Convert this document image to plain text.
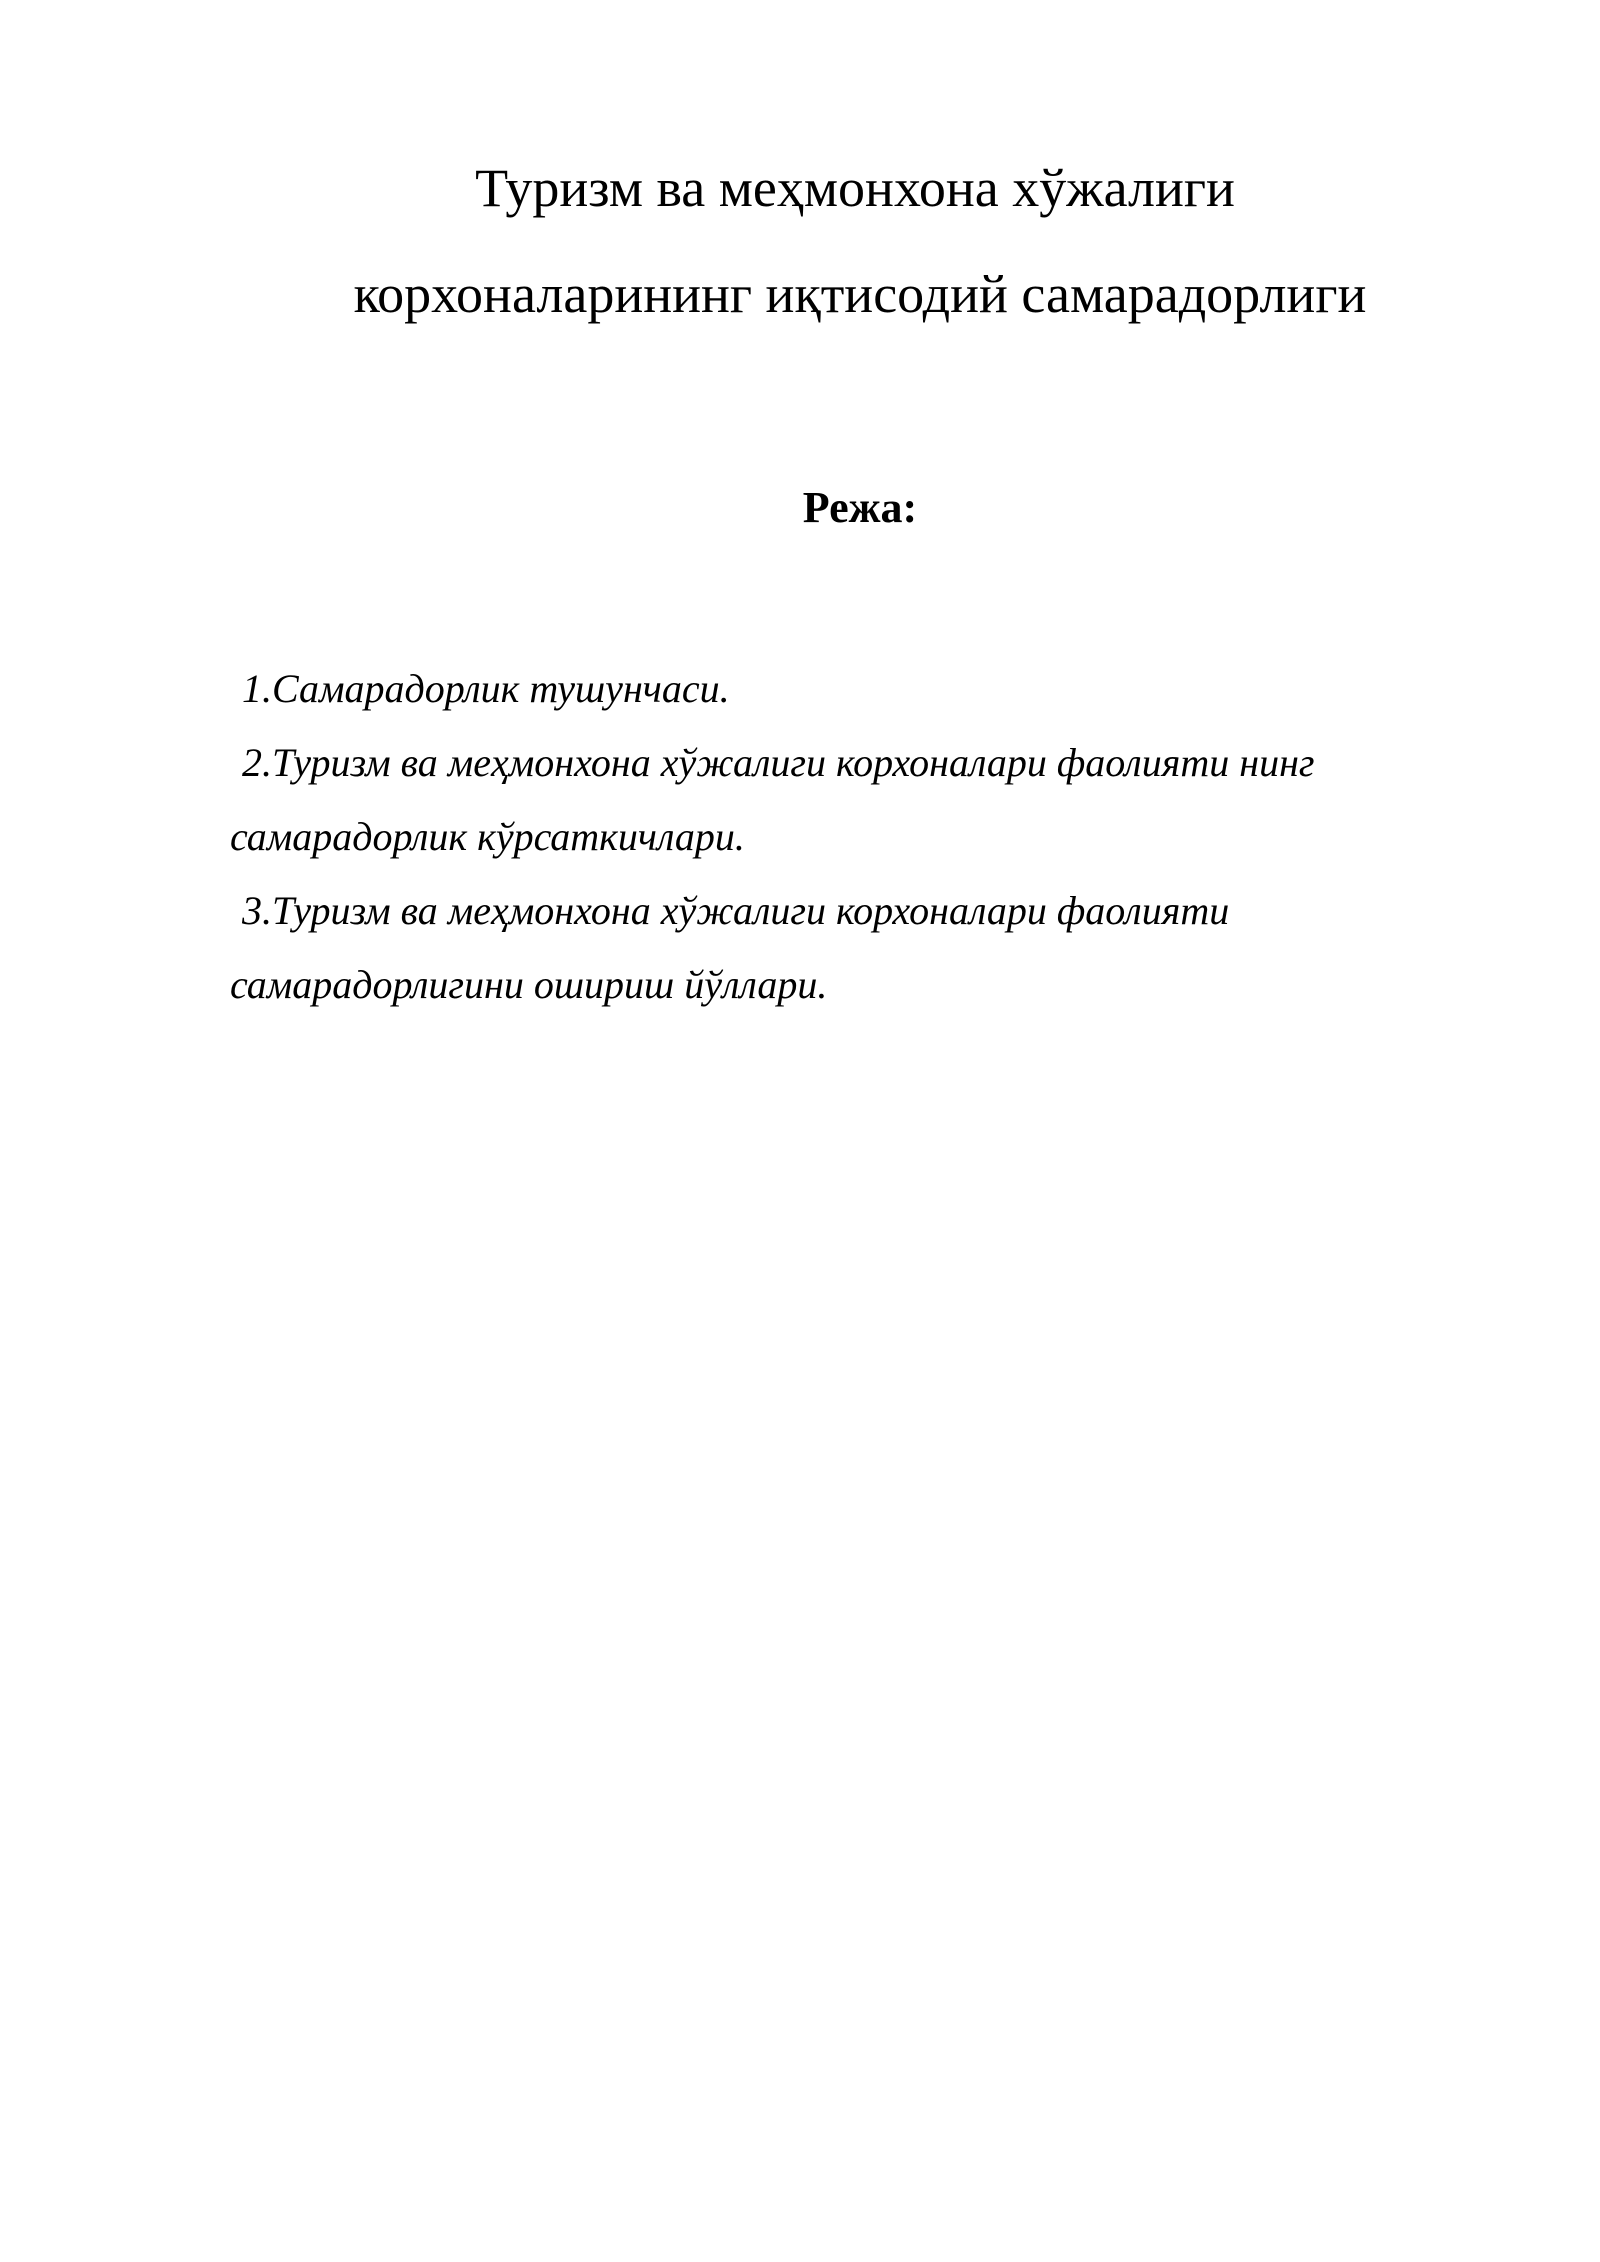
Туризм ва меҳмонхона хўжалиги
корхоналарининг иқтисодий самарадорлиги
Режа:
1.Самарадорлик тушунчаси.
2.Туризм ва меҳмонхона хўжалиги корхоналари фаолияти нинг
самарадорлик кўрсаткичлари.
3.Туризм ва меҳмонхона хўжалиги корхоналари фаолияти
самарадорлигини ошириш йўллари.
